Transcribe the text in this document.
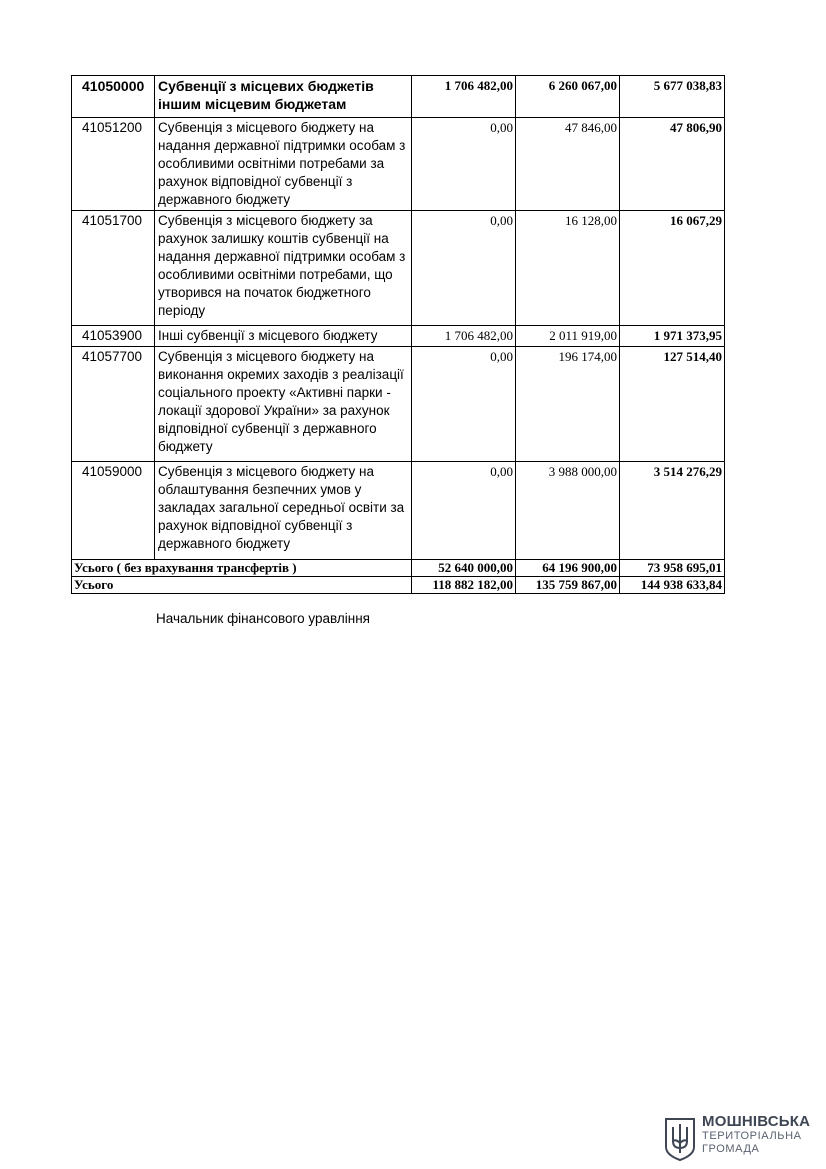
41050000	Субвенції з місцевих бюджетів іншим місцевим бюджетам	1 706 482,00	6 260 067,00	5 677 038,83
41051200	Субвенція з місцевого бюджету на надання державної підтримки особам з особливими освітніми потребами за рахунок відповідної субвенції з державного бюджету	0,00	47 846,00	47 806,90
41051700	Субвенція з місцевого бюджету за рахунок залишку коштів субвенції на надання державної підтримки особам з особливими освітніми потребами, що утворився на початок бюджетного періоду	0,00	16 128,00	16 067,29
41053900	Інші субвенції з місцевого бюджету	1 706 482,00	2 011 919,00	1 971 373,95
41057700	Субвенція з місцевого бюджету на виконання окремих заходів з реалізації соціального проекту «Активні парки - локації здорової України» за рахунок відповідної субвенції з державного бюджету	0,00	196 174,00	127 514,40
41059000	Субвенція з місцевого бюджету на облаштування безпечних умов у закладах загальної середньої освіти за рахунок відповідної субвенції з державного бюджету	0,00	3 988 000,00	3 514 276,29
Усього ( без врахування трансфертів )		52 640 000,00	64 196 900,00	73 958 695,01
Усього		118 882 182,00	135 759 867,00	144 938 633,84
Начальник фінансового уравління
МОШНІВСЬКА
ТЕРИТОРІАЛЬНА
ГРОМАДА
